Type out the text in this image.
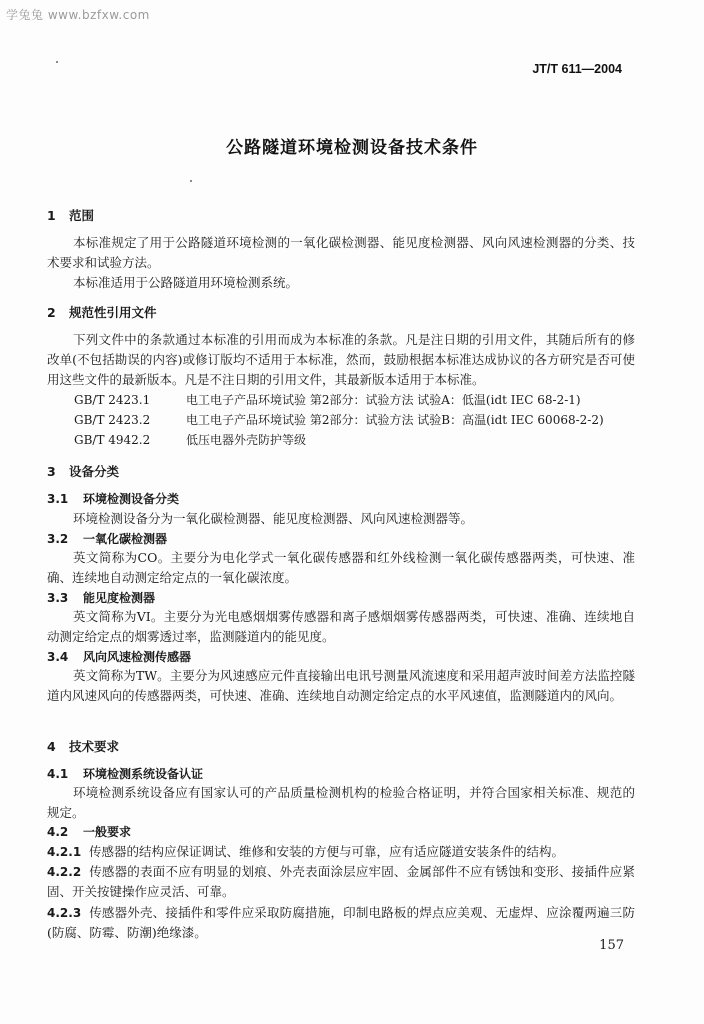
学兔兔 www.bzfxw.com
JT/T 611—2004
公路隧道环境检测设备技术条件
1 范围
本标准规定了用于公路隧道环境检测的一氧化碳检测器、能见度检测器、风向风速检测器的分类、技术要求和试验方法。
本标准适用于公路隧道用环境检测系统。
2 规范性引用文件
下列文件中的条款通过本标准的引用而成为本标准的条款。凡是注日期的引用文件，其随后所有的修改单(不包括勘误的内容)或修订版均不适用于本标准，然而，鼓励根据本标准达成协议的各方研究是否可使用这些文件的最新版本。凡是不注日期的引用文件，其最新版本适用于本标准。
GB/T 2423.1	电工电子产品环境试验 第2部分：试验方法 试验A：低温(idt IEC 68-2-1)
GB/T 2423.2	电工电子产品环境试验 第2部分：试验方法 试验B：高温(idt IEC 60068-2-2)
GB/T 4942.2	低压电器外壳防护等级
3 设备分类
3.1 环境检测设备分类
环境检测设备分为一氧化碳检测器、能见度检测器、风向风速检测器等。
3.2 一氧化碳检测器
英文简称为CO。主要分为电化学式一氧化碳传感器和红外线检测一氧化碳传感器两类，可快速、准确、连续地自动测定给定点的一氧化碳浓度。
3.3 能见度检测器
英文简称为VI。主要分为光电感烟烟雾传感器和离子感烟烟雾传感器两类，可快速、准确、连续地自动测定给定点的烟雾透过率，监测隧道内的能见度。
3.4 风向风速检测传感器
英文简称为TW。主要分为风速感应元件直接输出电讯号测量风流速度和采用超声波时间差方法监控隧道内风速风向的传感器两类，可快速、准确、连续地自动测定给定点的水平风速值，监测隧道内的风向。
4 技术要求
4.1 环境检测系统设备认证
环境检测系统设备应有国家认可的产品质量检测机构的检验合格证明，并符合国家相关标准、规范的规定。
4.2 一般要求
4.2.1 传感器的结构应保证调试、维修和安装的方便与可靠，应有适应隧道安装条件的结构。
4.2.2 传感器的表面不应有明显的划痕、外壳表面涂层应牢固、金属部件不应有锈蚀和变形、接插件应紧固、开关按键操作应灵活、可靠。
4.2.3 传感器外壳、接插件和零件应采取防腐措施，印制电路板的焊点应美观、无虚焊、应涂覆两遍三防(防腐、防霉、防潮)绝缘漆。
157
